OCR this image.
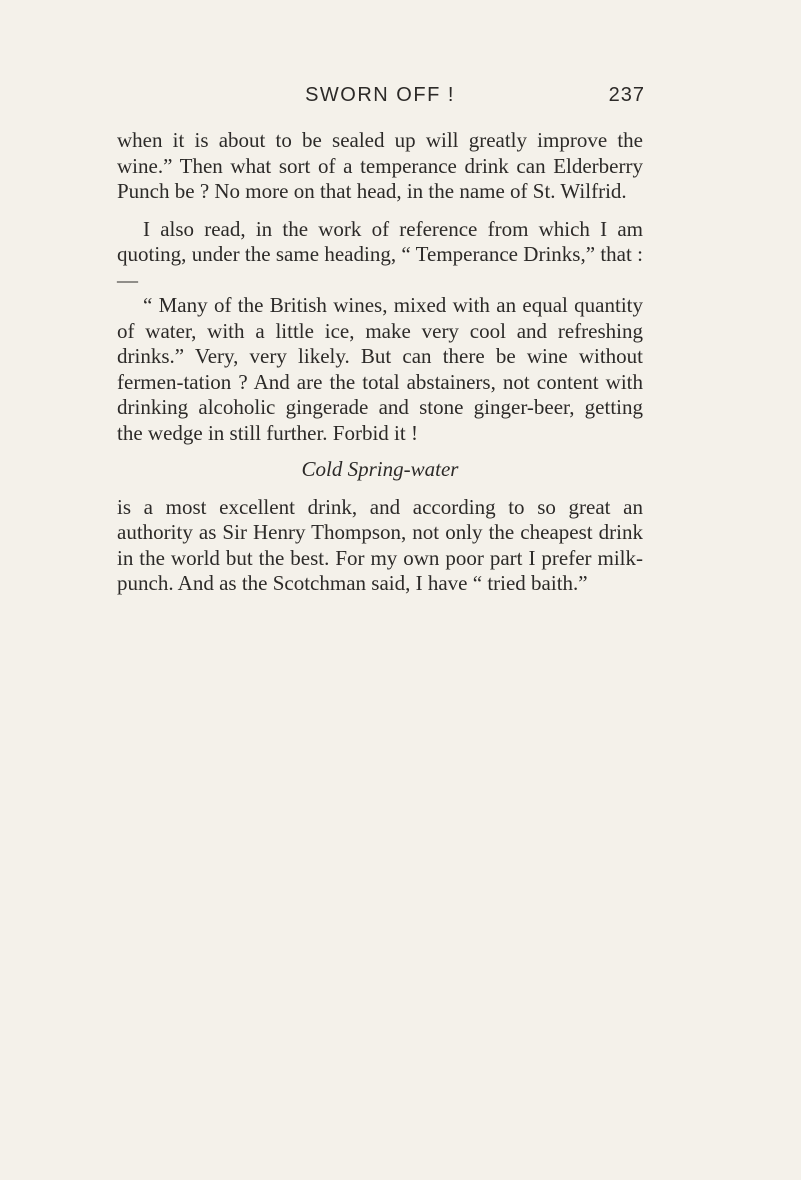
SWORN OFF !	237

when it is about to be sealed up will greatly improve the wine.” Then what sort of a temperance drink can Elderberry Punch be ? No more on that head, in the name of St. Wilfrid.

I also read, in the work of reference from which I am quoting, under the same heading, “ Temperance Drinks,” that :—

“ Many of the British wines, mixed with an equal quantity of water, with a little ice, make very cool and refreshing drinks.” Very, very likely. But can there be wine without fermen-tation ? And are the total abstainers, not content with drinking alcoholic gingerade and stone ginger-beer, getting the wedge in still further. Forbid it !

Cold Spring-water

is a most excellent drink, and according to so great an authority as Sir Henry Thompson, not only the cheapest drink in the world but the best. For my own poor part I prefer milk-punch. And as the Scotchman said, I have “ tried baith.”
